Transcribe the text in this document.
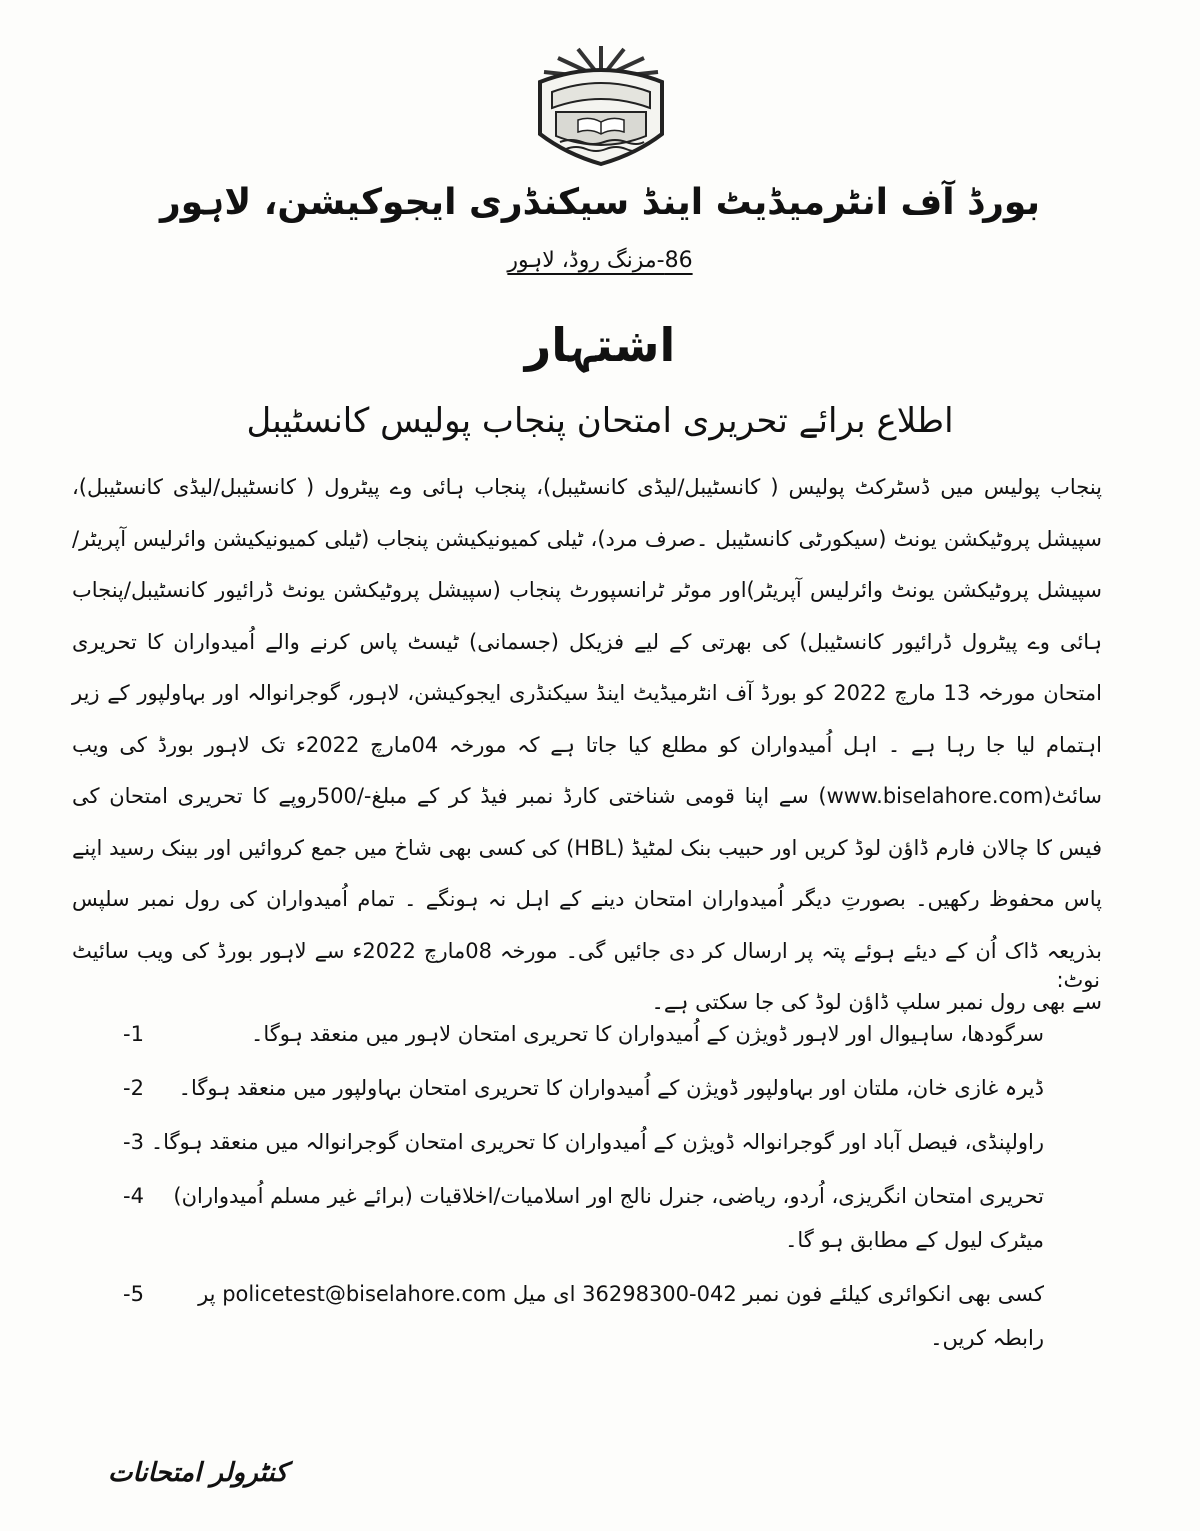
بورڈ آف انٹرمیڈیٹ اینڈ سیکنڈری ایجوکیشن، لاہور
86-مزنگ روڈ، لاہور
اشتہار
اطلاع برائے تحریری امتحان پنجاب پولیس کانسٹیبل
پنجاب پولیس میں ڈسٹرکٹ پولیس ( کانسٹیبل/لیڈی کانسٹیبل)، پنجاب ہائی وے پیٹرول ( کانسٹیبل/لیڈی کانسٹیبل)، سپیشل پروٹیکشن یونٹ (سیکورٹی کانسٹیبل ۔صرف مرد)، ٹیلی کمیونیکیشن پنجاب (ٹیلی کمیونیکیشن وائرلیس آپریٹر/ سپیشل پروٹیکشن یونٹ وائرلیس آپریٹر)اور موٹر ٹرانسپورٹ پنجاب (سپیشل پروٹیکشن یونٹ ڈرائیور کانسٹیبل/پنجاب ہائی وے پیٹرول ڈرائیور کانسٹیبل) کی بھرتی کے لیے فزیکل (جسمانی) ٹیسٹ پاس کرنے والے اُمیدواران کا تحریری امتحان مورخہ 13 مارچ 2022 کو بورڈ آف انٹرمیڈیٹ اینڈ سیکنڈری ایجوکیشن، لاہور، گوجرانوالہ اور بہاولپور کے زیر اہتمام لیا جا رہا ہے ۔ اہل اُمیدواران کو مطلع کیا جاتا ہے کہ مورخہ 04مارچ 2022ء تک لاہور بورڈ کی ویب سائٹ(www.biselahore.com) سے اپنا قومی شناختی کارڈ نمبر فیڈ کر کے مبلغ-/500روپے کا تحریری امتحان کی فیس کا چالان فارم ڈاؤن لوڈ کریں اور حبیب بنک لمٹیڈ (HBL) کی کسی بھی شاخ میں جمع کروائیں اور بینک رسید اپنے پاس محفوظ رکھیں۔ بصورتِ دیگر اُمیدواران امتحان دینے کے اہل نہ ہونگے ۔ تمام اُمیدواران کی رول نمبر سلپس بذریعہ ڈاک اُن کے دیئے ہوئے پتہ پر ارسال کر دی جائیں گی۔ مورخہ 08مارچ 2022ء سے لاہور بورڈ کی ویب سائیٹ سے بھی رول نمبر سلپ ڈاؤن لوڈ کی جا سکتی ہے۔
نوٹ:
سرگودھا، ساہیوال اور لاہور ڈویژن کے اُمیدواران کا تحریری امتحان لاہور میں منعقد ہوگا۔
-1
ڈیرہ غازی خان، ملتان اور بہاولپور ڈویژن کے اُمیدواران کا تحریری امتحان بہاولپور میں منعقد ہوگا۔
-2
راولپنڈی، فیصل آباد اور گوجرانوالہ ڈویژن کے اُمیدواران کا تحریری امتحان گوجرانوالہ میں منعقد ہوگا۔
-3
تحریری امتحان انگریزی، اُردو، ریاضی، جنرل نالج اور اسلامیات/اخلاقیات (برائے غیر مسلم اُمیدواران) میٹرک لیول کے مطابق ہو گا۔
-4
کسی بھی انکوائری کیلئے فون نمبر 042-36298300 ای میل policetest@biselahore.com پر رابطہ کریں۔
-5
کنٹرولر امتحانات
